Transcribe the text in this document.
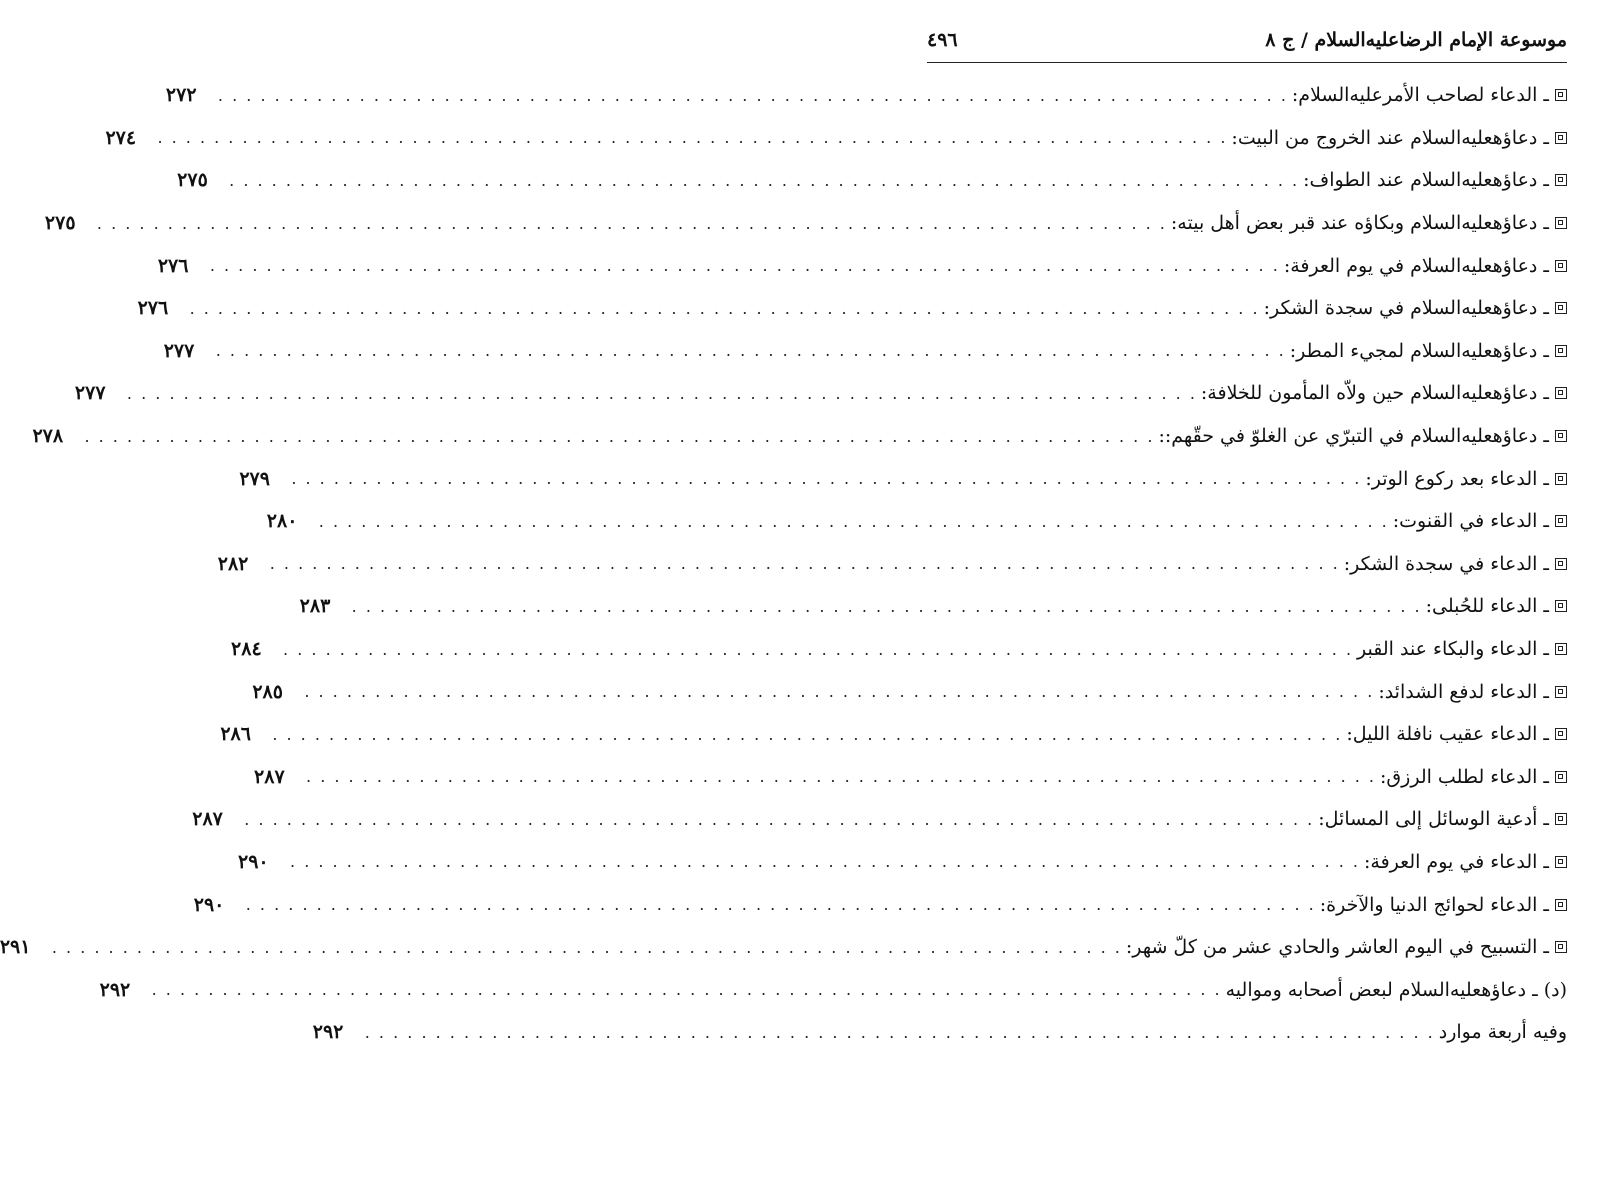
موسوعة الإمام الرضاعليه‌السلام / ج ٨
٤٩٦
ـ الدعاء لصاحب الأمرعليه‌السلام:
. . . . . . . . . . . . . . . . . . . . . . . . . . . . . . . . . . . . . . . . . . . . . . . . . . . . . . . . . . . . . . . . . . . . . . . . . . . .
٢٧٢
ـ دعاؤهعليه‌السلام عند الخروج من البيت:
. . . . . . . . . . . . . . . . . . . . . . . . . . . . . . . . . . . . . . . . . . . . . . . . . . . . . . . . . . . . . . . . . . . . . . . . . . . .
٢٧٤
ـ دعاؤهعليه‌السلام عند الطواف:
. . . . . . . . . . . . . . . . . . . . . . . . . . . . . . . . . . . . . . . . . . . . . . . . . . . . . . . . . . . . . . . . . . . . . . . . . . . .
٢٧٥
ـ دعاؤهعليه‌السلام وبكاؤه عند قبر بعض أهل بيته:
. . . . . . . . . . . . . . . . . . . . . . . . . . . . . . . . . . . . . . . . . . . . . . . . . . . . . . . . . . . . . . . . . . . . . . . . . . . .
٢٧٥
ـ دعاؤهعليه‌السلام في يوم العرفة:
. . . . . . . . . . . . . . . . . . . . . . . . . . . . . . . . . . . . . . . . . . . . . . . . . . . . . . . . . . . . . . . . . . . . . . . . . . . .
٢٧٦
ـ دعاؤهعليه‌السلام في سجدة الشكر:
. . . . . . . . . . . . . . . . . . . . . . . . . . . . . . . . . . . . . . . . . . . . . . . . . . . . . . . . . . . . . . . . . . . . . . . . . . . .
٢٧٦
ـ دعاؤهعليه‌السلام لمجيء المطر:
. . . . . . . . . . . . . . . . . . . . . . . . . . . . . . . . . . . . . . . . . . . . . . . . . . . . . . . . . . . . . . . . . . . . . . . . . . . .
٢٧٧
ـ دعاؤهعليه‌السلام حين ولاّه المأمون للخلافة:
. . . . . . . . . . . . . . . . . . . . . . . . . . . . . . . . . . . . . . . . . . . . . . . . . . . . . . . . . . . . . . . . . . . . . . . . . . . .
٢٧٧
ـ دعاؤهعليه‌السلام في التبرّي عن الغلوّ في حقّهم::
. . . . . . . . . . . . . . . . . . . . . . . . . . . . . . . . . . . . . . . . . . . . . . . . . . . . . . . . . . . . . . . . . . . . . . . . . . . .
٢٧٨
ـ الدعاء بعد ركوع الوتر:
. . . . . . . . . . . . . . . . . . . . . . . . . . . . . . . . . . . . . . . . . . . . . . . . . . . . . . . . . . . . . . . . . . . . . . . . . . . .
٢٧٩
ـ الدعاء في القنوت:
. . . . . . . . . . . . . . . . . . . . . . . . . . . . . . . . . . . . . . . . . . . . . . . . . . . . . . . . . . . . . . . . . . . . . . . . . . . .
٢٨٠
ـ الدعاء في سجدة الشكر:
. . . . . . . . . . . . . . . . . . . . . . . . . . . . . . . . . . . . . . . . . . . . . . . . . . . . . . . . . . . . . . . . . . . . . . . . . . . .
٢٨٢
ـ الدعاء للحُبلى:
. . . . . . . . . . . . . . . . . . . . . . . . . . . . . . . . . . . . . . . . . . . . . . . . . . . . . . . . . . . . . . . . . . . . . . . . . . . .
٢٨٣
ـ الدعاء والبكاء عند القبر
. . . . . . . . . . . . . . . . . . . . . . . . . . . . . . . . . . . . . . . . . . . . . . . . . . . . . . . . . . . . . . . . . . . . . . . . . . . .
٢٨٤
ـ الدعاء لدفع الشدائد:
. . . . . . . . . . . . . . . . . . . . . . . . . . . . . . . . . . . . . . . . . . . . . . . . . . . . . . . . . . . . . . . . . . . . . . . . . . . .
٢٨٥
ـ الدعاء عقيب نافلة الليل:
. . . . . . . . . . . . . . . . . . . . . . . . . . . . . . . . . . . . . . . . . . . . . . . . . . . . . . . . . . . . . . . . . . . . . . . . . . . .
٢٨٦
ـ الدعاء لطلب الرزق:
. . . . . . . . . . . . . . . . . . . . . . . . . . . . . . . . . . . . . . . . . . . . . . . . . . . . . . . . . . . . . . . . . . . . . . . . . . . .
٢٨٧
ـ أدعية الوسائل إلى المسائل:
. . . . . . . . . . . . . . . . . . . . . . . . . . . . . . . . . . . . . . . . . . . . . . . . . . . . . . . . . . . . . . . . . . . . . . . . . . . .
٢٨٧
ـ الدعاء في يوم العرفة:
. . . . . . . . . . . . . . . . . . . . . . . . . . . . . . . . . . . . . . . . . . . . . . . . . . . . . . . . . . . . . . . . . . . . . . . . . . . .
٢٩٠
ـ الدعاء لحوائج الدنيا والآخرة:
. . . . . . . . . . . . . . . . . . . . . . . . . . . . . . . . . . . . . . . . . . . . . . . . . . . . . . . . . . . . . . . . . . . . . . . . . . . .
٢٩٠
ـ التسبيح في اليوم العاشر والحادي عشر من كلّ شهر:
. . . . . . . . . . . . . . . . . . . . . . . . . . . . . . . . . . . . . . . . . . . . . . . . . . . . . . . . . . . . . . . . . . . . . . . . . . . .
٢٩١
(د) ـ دعاؤهعليه‌السلام لبعض أصحابه ومواليه
. . . . . . . . . . . . . . . . . . . . . . . . . . . . . . . . . . . . . . . . . . . . . . . . . . . . . . . . . . . . . . . . . . . . . . . . . . . .
٢٩٢
وفيه أربعة موارد
. . . . . . . . . . . . . . . . . . . . . . . . . . . . . . . . . . . . . . . . . . . . . . . . . . . . . . . . . . . . . . . . . . . . . . . . . . . .
٢٩٢
